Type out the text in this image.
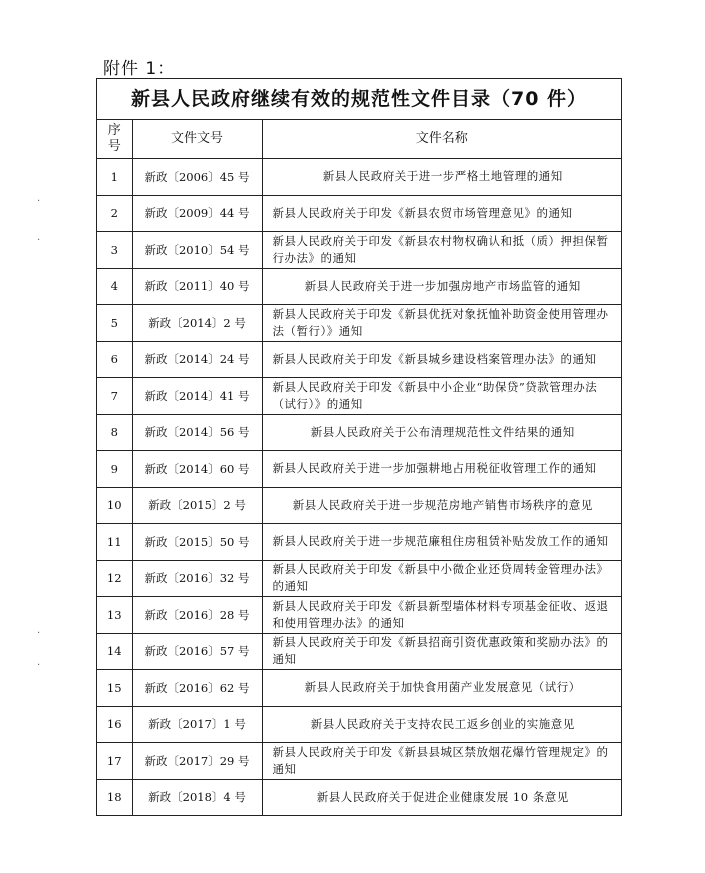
附件 1：
新县人民政府继续有效的规范性文件目录（70 件）
序
号	文件文号	文件名称
1	新政〔2006〕45 号	新县人民政府关于进一步严格土地管理的通知
2	新政〔2009〕44 号	新县人民政府关于印发《新县农贸市场管理意见》的通知
3	新政〔2010〕54 号	新县人民政府关于印发《新县农村物权确认和抵（质）押担保暂行办法》的通知
4	新政〔2011〕40 号	新县人民政府关于进一步加强房地产市场监管的通知
5	新政〔2014〕2 号	新县人民政府关于印发《新县优抚对象抚恤补助资金使用管理办法（暂行）》通知
6	新政〔2014〕24 号	新县人民政府关于印发《新县城乡建设档案管理办法》的通知
7	新政〔2014〕41 号	新县人民政府关于印发《新县中小企业“助保贷”贷款管理办法（试行）》的通知
8	新政〔2014〕56 号	新县人民政府关于公布清理规范性文件结果的通知
9	新政〔2014〕60 号	新县人民政府关于进一步加强耕地占用税征收管理工作的通知
10	新政〔2015〕2 号	新县人民政府关于进一步规范房地产销售市场秩序的意见
11	新政〔2015〕50 号	新县人民政府关于进一步规范廉租住房租赁补贴发放工作的通知
12	新政〔2016〕32 号	新县人民政府关于印发《新县中小微企业还贷周转金管理办法》的通知
13	新政〔2016〕28 号	新县人民政府关于印发《新县新型墙体材料专项基金征收、返退和使用管理办法》的通知
14	新政〔2016〕57 号	新县人民政府关于印发《新县招商引资优惠政策和奖励办法》的通知
15	新政〔2016〕62 号	新县人民政府关于加快食用菌产业发展意见（试行）
16	新政〔2017〕1 号	新县人民政府关于支持农民工返乡创业的实施意见
17	新政〔2017〕29 号	新县人民政府关于印发《新县县城区禁放烟花爆竹管理规定》的通知
18	新政〔2018〕4 号	新县人民政府关于促进企业健康发展 10 条意见
·
·
·
·
